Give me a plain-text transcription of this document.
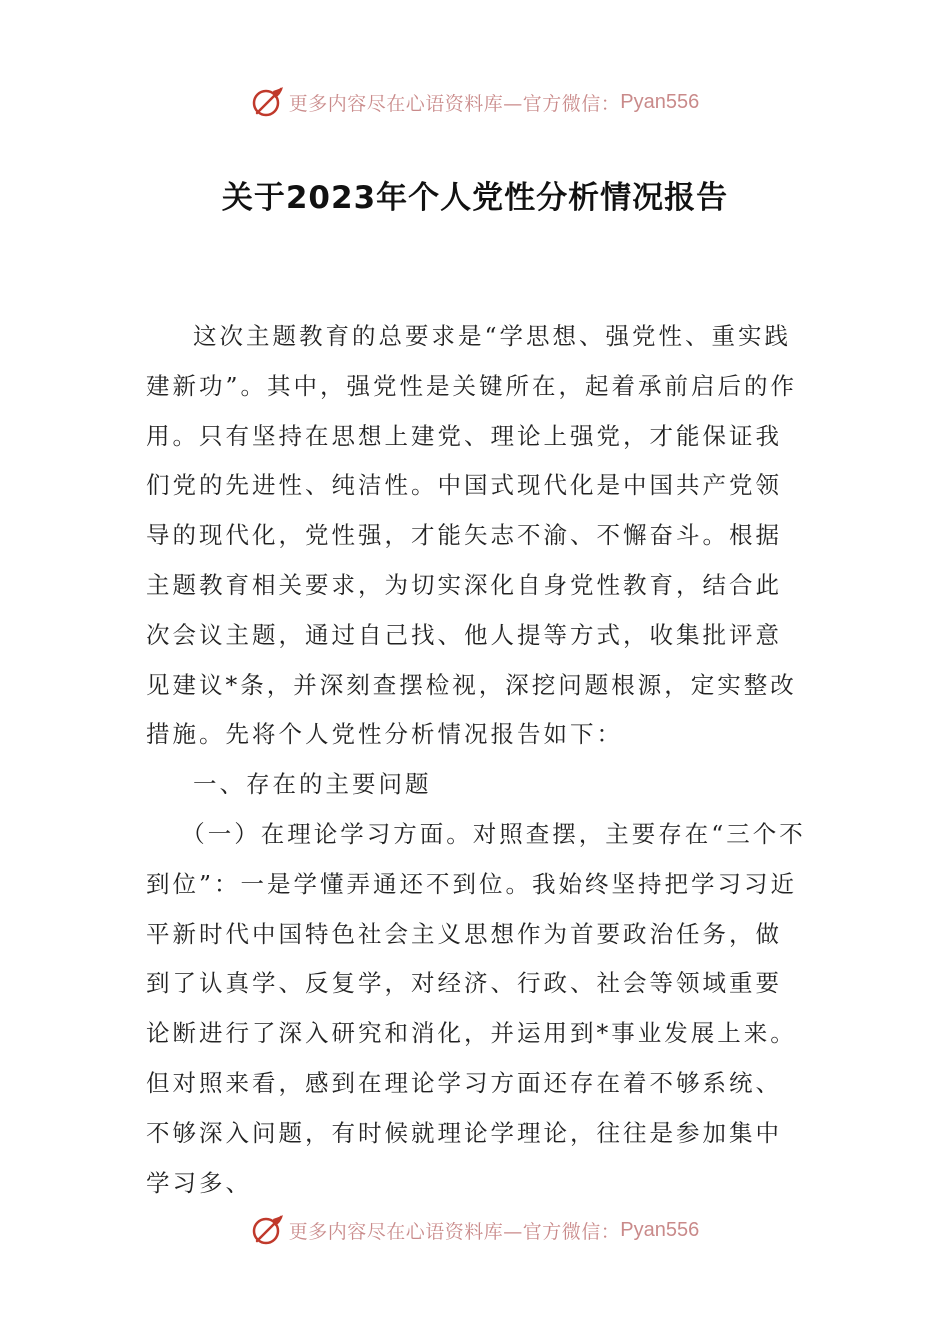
更多内容尽在心语资料库—官方微信： Pyan556
关于2023年个人党性分析情况报告

这次主题教育的总要求是“学思想、强党性、重实践建新功”。其中，强党性是关键所在，起着承前启后的作用。只有坚持在思想上建党、理论上强党，才能保证我们党的先进性、纯洁性。中国式现代化是中国共产党领导的现代化，党性强，才能矢志不渝、不懈奋斗。根据主题教育相关要求，为切实深化自身党性教育，结合此次会议主题，通过自己找、他人提等方式，收集批评意见建议*条，并深刻查摆检视，深挖问题根源，定实整改措施。先将个人党性分析情况报告如下：

一、存在的主要问题

（一）在理论学习方面。对照查摆，主要存在“三个不到位”：一是学懂弄通还不到位。我始终坚持把学习习近平新时代中国特色社会主义思想作为首要政治任务，做到了认真学、反复学，对经济、行政、社会等领域重要论断进行了深入研究和消化，并运用到*事业发展上来。但对照来看，感到在理论学习方面还存在着不够系统、不够深入问题，有时候就理论学理论，往往是参加集中学习多、

更多内容尽在心语资料库—官方微信： Pyan556
